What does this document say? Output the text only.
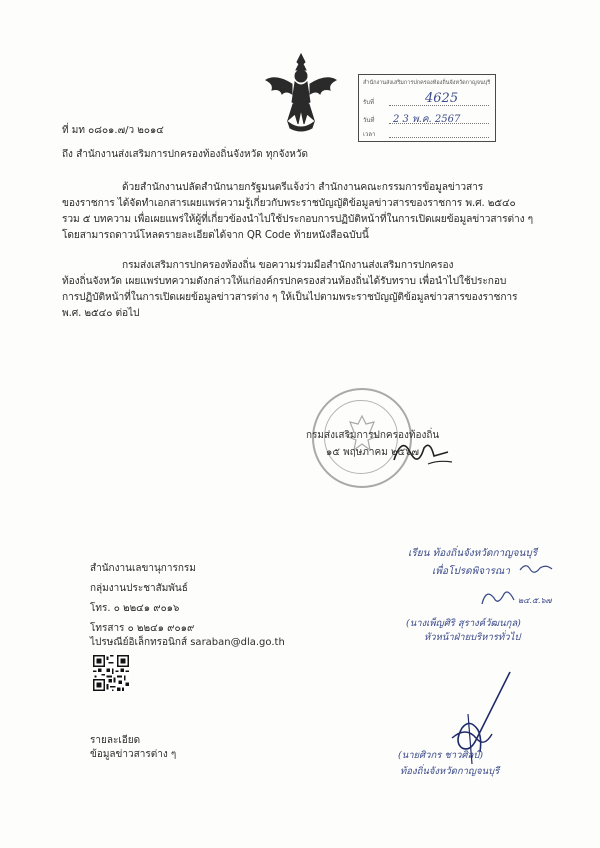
สำนักงานส่งเสริมการปกครองท้องถิ่นจังหวัดกาญจนบุรี
รับที่	4625
วันที่ 2 3 พ.ค. 2567
เวลา
ที่ มท ๐๘๐๑.๗/ว ๒๐๑๔
ถึง สำนักงานส่งเสริมการปกครองท้องถิ่นจังหวัด ทุกจังหวัด
ด้วยสำนักงานปลัดสำนักนายกรัฐมนตรีแจ้งว่า สำนักงานคณะกรรมการข้อมูลข่าวสาร
ของราชการ ได้จัดทำเอกสารเผยแพร่ความรู้เกี่ยวกับพระราชบัญญัติข้อมูลข่าวสารของราชการ พ.ศ. ๒๕๔๐
รวม ๕ บทความ เพื่อเผยแพร่ให้ผู้ที่เกี่ยวข้องนำไปใช้ประกอบการปฏิบัติหน้าที่ในการเปิดเผยข้อมูลข่าวสารต่าง ๆ
โดยสามารถดาวน์โหลดรายละเอียดได้จาก QR Code ท้ายหนังสือฉบับนี้
กรมส่งเสริมการปกครองท้องถิ่น ขอความร่วมมือสำนักงานส่งเสริมการปกครอง
ท้องถิ่นจังหวัด เผยแพร่บทความดังกล่าวให้แก่องค์กรปกครองส่วนท้องถิ่นได้รับทราบ เพื่อนำไปใช้ประกอบ
การปฏิบัติหน้าที่ในการเปิดเผยข้อมูลข่าวสารต่าง ๆ ให้เป็นไปตามพระราชบัญญัติข้อมูลข่าวสารของราชการ
พ.ศ. ๒๕๔๐ ต่อไป
กรมส่งเสริมการปกครองท้องถิ่น
๑๕ พฤษภาคม ๒๕๖๗
สำนักงานเลขานุการกรม
กลุ่มงานประชาสัมพันธ์
โทร. ๐ ๒๒๔๑ ๙๐๑๖
โทรสาร ๐ ๒๒๔๑ ๙๐๑๙
ไปรษณีย์อิเล็กทรอนิกส์ saraban@dla.go.th
รายละเอียด
ข้อมูลข่าวสารต่าง ๆ
เรียน ท้องถิ่นจังหวัดกาญจนบุรี
เพื่อโปรดพิจารณา
๒๔.๕.๖๗
(นางเพ็ญศิริ สุรางค์วัฒนกุล)
หัวหน้าฝ่ายบริหารทั่วไป
(นายศิวกร ชาวศิลป์)
ท้องถิ่นจังหวัดกาญจนบุรี
